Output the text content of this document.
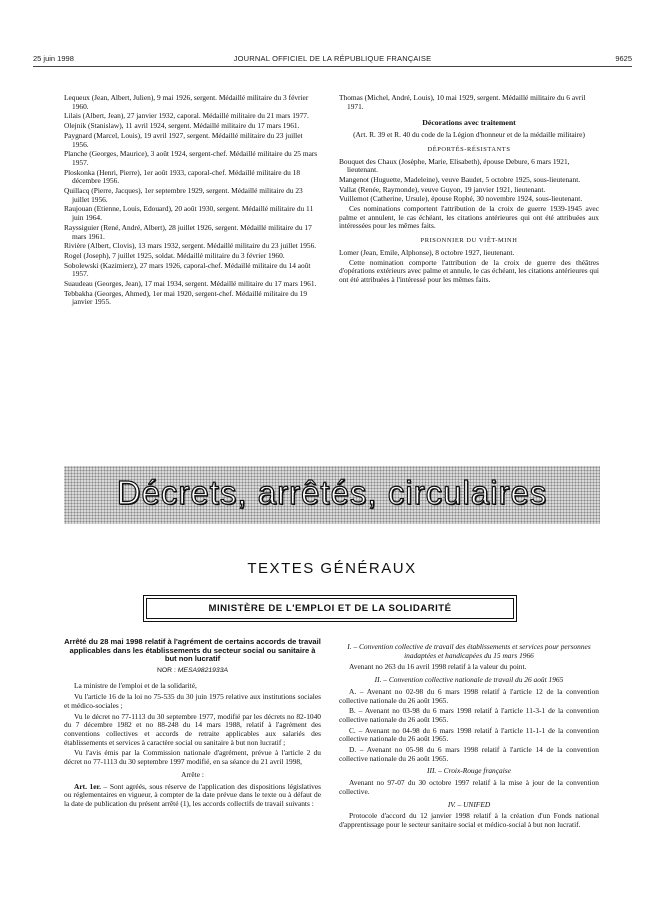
25 juin 1998	JOURNAL OFFICIEL DE LA RÉPUBLIQUE FRANÇAISE	9625
Lequeux (Jean, Albert, Julien), 9 mai 1926, sergent. Médaillé militaire du 3 février 1960.
Lilais (Albert, Jean), 27 janvier 1932, caporal. Médaillé militaire du 21 mars 1977.
Olejnik (Stanislaw), 11 avril 1924, sergent. Médaillé militaire du 17 mars 1961.
Paygnard (Marcel, Louis), 19 avril 1927, sergent. Médaillé militaire du 23 juillet 1956.
Planche (Georges, Maurice), 3 août 1924, sergent-chef. Médaillé militaire du 25 mars 1957.
Ploskonka (Henri, Pierre), 1er août 1933, caporal-chef. Médaillé militaire du 18 décembre 1956.
Quillacq (Pierre, Jacques), 1er septembre 1929, sergent. Médaillé militaire du 23 juillet 1956.
Raujouan (Etienne, Louis, Edouard), 20 août 1930, sergent. Médaillé militaire du 11 juin 1964.
Rayssiguier (René, André, Albert), 28 juillet 1926, sergent. Médaillé militaire du 17 mars 1961.
Rivière (Albert, Clovis), 13 mars 1932, sergent. Médaillé militaire du 23 juillet 1956.
Rogel (Joseph), 7 juillet 1925, soldat. Médaillé militaire du 3 février 1960.
Sobolewski (Kazimierz), 27 mars 1926, caporal-chef. Médaillé militaire du 14 août 1957.
Suaudeau (Georges, Jean), 17 mai 1934, sergent. Médaillé militaire du 17 mars 1961.
Tebbakha (Georges, Ahmed), 1er mai 1920, sergent-chef. Médaillé militaire du 19 janvier 1955.
Thomas (Michel, André, Louis), 10 mai 1929, sergent. Médaillé militaire du 6 avril 1971.
Décorations avec traitement
(Art. R. 39 et R. 40 du code de la Légion d'honneur et de la médaille militaire)
DÉPORTÉS-RÉSISTANTS
Bouquet des Chaux (Josèphe, Marie, Elisabeth), épouse Debure, 6 mars 1921, lieutenant.
Mangenot (Huguette, Madeleine), veuve Baudet, 5 octobre 1925, sous-lieutenant.
Vallat (Renée, Raymonde), veuve Guyon, 19 janvier 1921, lieutenant.
Vuillemot (Catherine, Ursule), épouse Rophé, 30 novembre 1924, sous-lieutenant.
Ces nominations comportent l'attribution de la croix de guerre 1939-1945 avec palme et annulent, le cas échéant, les citations antérieures qui ont été attribuées aux intéressées pour les mêmes faits.
PRISONNIER DU VIÊT-MINH
Lomer (Jean, Emile, Alphonse), 8 octobre 1927, lieutenant.
Cette nomination comporte l'attribution de la croix de guerre des théâtres d'opérations extérieurs avec palme et annule, le cas échéant, les citations antérieures qui ont été attribuées à l'intéressé pour les mêmes faits.
Décrets, arrêtés, circulaires
TEXTES GÉNÉRAUX
MINISTÈRE DE L'EMPLOI ET DE LA SOLIDARITÉ
Arrêté du 28 mai 1998 relatif à l'agrément de certains accords de travail applicables dans les établissements du secteur social ou sanitaire à but non lucratif
NOR : MESA9821933A
La ministre de l'emploi et de la solidarité,
Vu l'article 16 de la loi no 75-535 du 30 juin 1975 relative aux institutions sociales et médico-sociales ;
Vu le décret no 77-1113 du 30 septembre 1977, modifié par les décrets no 82-1040 du 7 décembre 1982 et no 88-248 du 14 mars 1988, relatif à l'agrément des conventions collectives et accords de retraite applicables aux salariés des établissements et services à caractère social ou sanitaire à but non lucratif ;
Vu l'avis émis par la Commission nationale d'agrément, prévue à l'article 2 du décret no 77-1113 du 30 septembre 1997 modifié, en sa séance du 21 avril 1998,
Arrête :
Art. 1er. – Sont agréés, sous réserve de l'application des dispositions législatives ou réglementaires en vigueur, à compter de la date prévue dans le texte ou à défaut de la date de publication du présent arrêté (1), les accords collectifs de travail suivants :
I. – Convention collective de travail des établissements et services pour personnes inadaptées et handicapées du 15 mars 1966
Avenant no 263 du 16 avril 1998 relatif à la valeur du point.
II. – Convention collective nationale de travail du 26 août 1965
A. – Avenant no 02-98 du 6 mars 1998 relatif à l'article 12 de la convention collective nationale du 26 août 1965.
B. – Avenant no 03-98 du 6 mars 1998 relatif à l'article 11-3-1 de la convention collective nationale du 26 août 1965.
C. – Avenant no 04-98 du 6 mars 1998 relatif à l'article 11-1-1 de la convention collective nationale du 26 août 1965.
D. – Avenant no 05-98 du 6 mars 1998 relatif à l'article 14 de la convention collective nationale du 26 août 1965.
III. – Croix-Rouge française
Avenant no 97-07 du 30 octobre 1997 relatif à la mise à jour de la convention collective.
IV. – UNIFED
Protocole d'accord du 12 janvier 1998 relatif à la création d'un Fonds national d'apprentissage pour le secteur sanitaire social et médico-social à but non lucratif.
